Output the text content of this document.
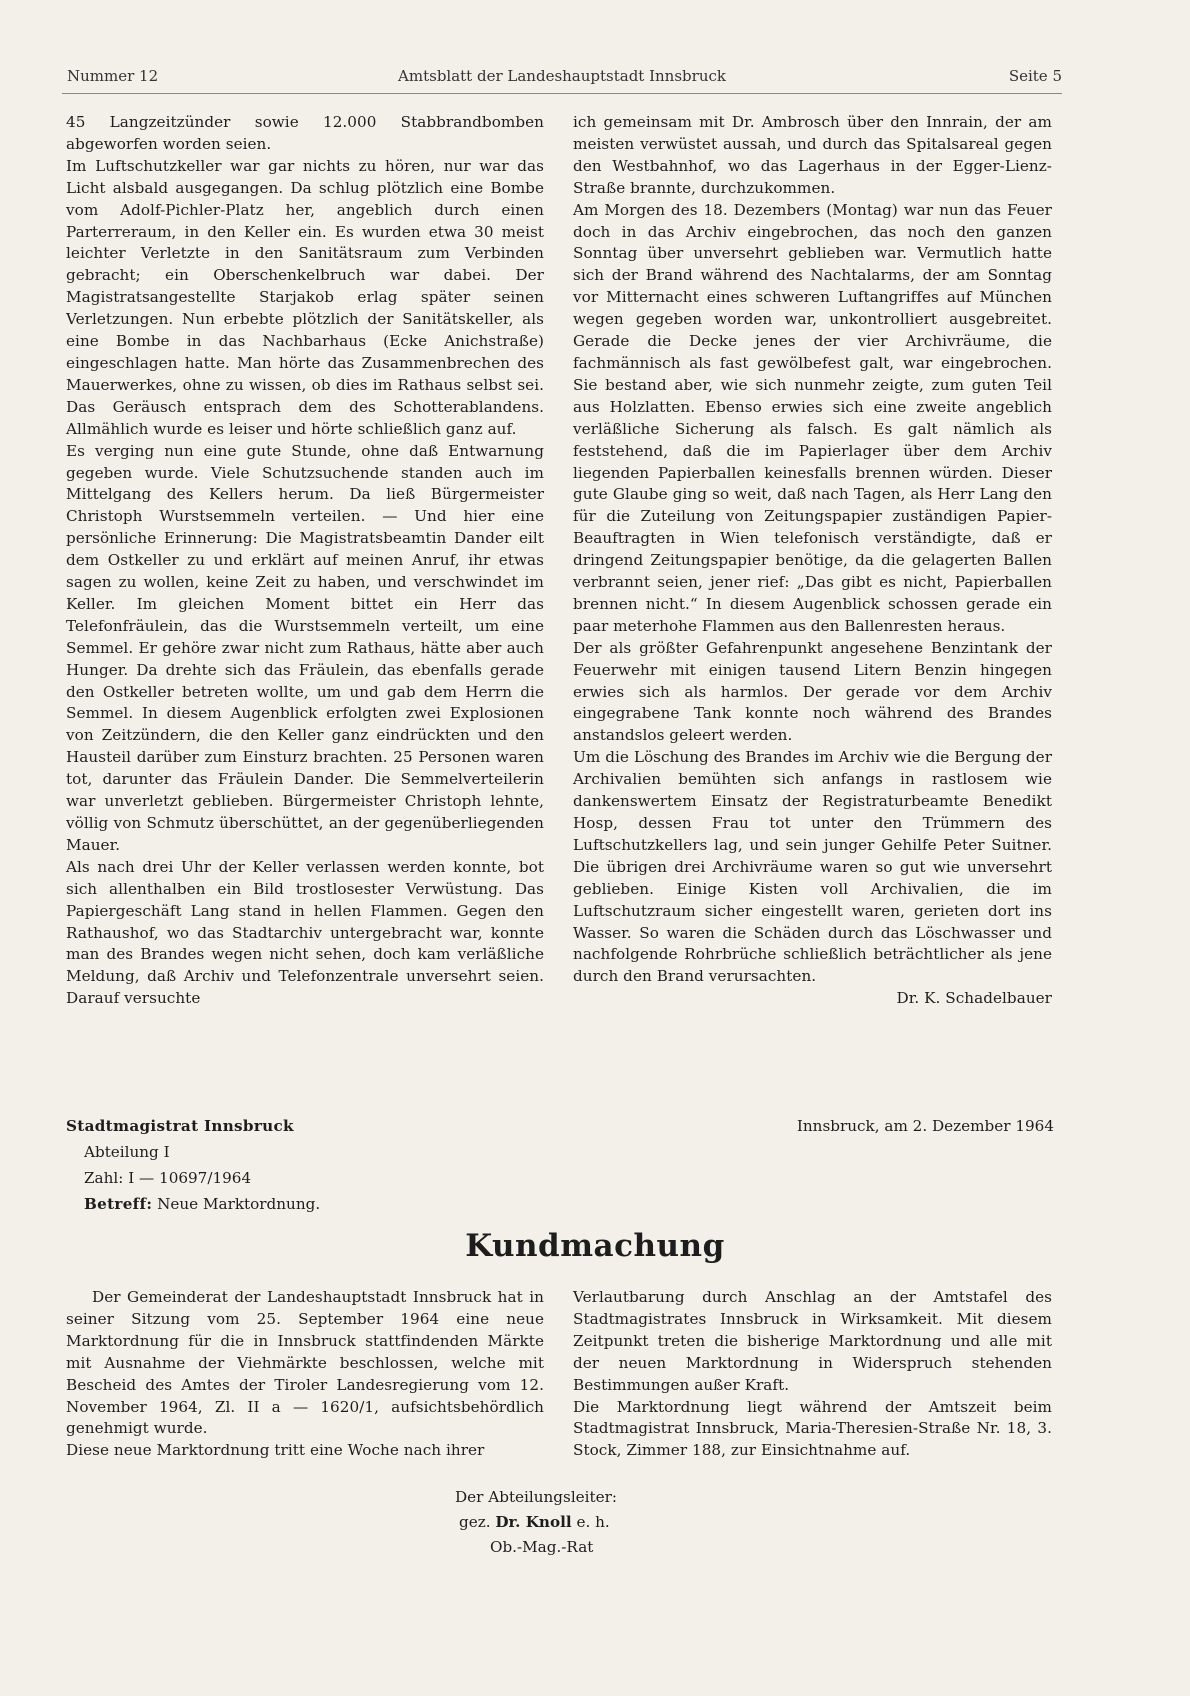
Nummer 12	Amtsblatt der Landeshauptstadt Innsbruck	Seite 5

45 Langzeitzünder sowie 12.000 Stabbrandbomben abgeworfen worden seien.

Im Luftschutzkeller war gar nichts zu hören, nur war das Licht alsbald ausgegangen. Da schlug plötzlich eine Bombe vom Adolf-Pichler-Platz her, angeblich durch einen Parterreraum, in den Keller ein. Es wurden etwa 30 meist leichter Verletzte in den Sanitätsraum zum Verbinden gebracht; ein Oberschenkelbruch war dabei. Der Magistratsangestellte Starjakob erlag später seinen Verletzungen. Nun erbebte plötzlich der Sanitätskeller, als eine Bombe in das Nachbarhaus (Ecke Anichstraße) eingeschlagen hatte. Man hörte das Zusammenbrechen des Mauerwerkes, ohne zu wissen, ob dies im Rathaus selbst sei. Das Geräusch entsprach dem des Schotterablandens. Allmählich wurde es leiser und hörte schließlich ganz auf.

Es verging nun eine gute Stunde, ohne daß Entwarnung gegeben wurde. Viele Schutzsuchende standen auch im Mittelgang des Kellers herum. Da ließ Bürgermeister Christoph Wurstsemmeln verteilen. — Und hier eine persönliche Erinnerung: Die Magistratsbeamtin Dander eilt dem Ostkeller zu und erklärt auf meinen Anruf, ihr etwas sagen zu wollen, keine Zeit zu haben, und verschwindet im Keller. Im gleichen Moment bittet ein Herr das Telefonfräulein, das die Wurstsemmeln verteilt, um eine Semmel. Er gehöre zwar nicht zum Rathaus, hätte aber auch Hunger. Da drehte sich das Fräulein, das ebenfalls gerade den Ostkeller betreten wollte, um und gab dem Herrn die Semmel. In diesem Augenblick erfolgten zwei Explosionen von Zeitzündern, die den Keller ganz eindrückten und den Hausteil darüber zum Einsturz brachten. 25 Personen waren tot, darunter das Fräulein Dander. Die Semmelverteilerin war unverletzt geblieben. Bürgermeister Christoph lehnte, völlig von Schmutz überschüttet, an der gegenüberliegenden Mauer.

Als nach drei Uhr der Keller verlassen werden konnte, bot sich allenthalben ein Bild trostlosester Verwüstung. Das Papiergeschäft Lang stand in hellen Flammen. Gegen den Rathaushof, wo das Stadtarchiv untergebracht war, konnte man des Brandes wegen nicht sehen, doch kam verläßliche Meldung, daß Archiv und Telefonzentrale unversehrt seien. Darauf versuchte

ich gemeinsam mit Dr. Ambrosch über den Innrain, der am meisten verwüstet aussah, und durch das Spitalsareal gegen den Westbahnhof, wo das Lagerhaus in der Egger-Lienz-Straße brannte, durchzukommen.

Am Morgen des 18. Dezembers (Montag) war nun das Feuer doch in das Archiv eingebrochen, das noch den ganzen Sonntag über unversehrt geblieben war. Vermutlich hatte sich der Brand während des Nachtalarms, der am Sonntag vor Mitternacht eines schweren Luftangriffes auf München wegen gegeben worden war, unkontrolliert ausgebreitet. Gerade die Decke jenes der vier Archivräume, die fachmännisch als fast gewölbefest galt, war eingebrochen. Sie bestand aber, wie sich nunmehr zeigte, zum guten Teil aus Holzlatten. Ebenso erwies sich eine zweite angeblich verläßliche Sicherung als falsch. Es galt nämlich als feststehend, daß die im Papierlager über dem Archiv liegenden Papierballen keinesfalls brennen würden. Dieser gute Glaube ging so weit, daß nach Tagen, als Herr Lang den für die Zuteilung von Zeitungspapier zuständigen Papier-Beauftragten in Wien telefonisch verständigte, daß er dringend Zeitungspapier benötige, da die gelagerten Ballen verbrannt seien, jener rief: „Das gibt es nicht, Papierballen brennen nicht.“ In diesem Augenblick schossen gerade ein paar meterhohe Flammen aus den Ballenresten heraus.

Der als größter Gefahrenpunkt angesehene Benzintank der Feuerwehr mit einigen tausend Litern Benzin hingegen erwies sich als harmlos. Der gerade vor dem Archiv eingegrabene Tank konnte noch während des Brandes anstandslos geleert werden.

Um die Löschung des Brandes im Archiv wie die Bergung der Archivalien bemühten sich anfangs in rastlosem wie dankenswertem Einsatz der Registraturbeamte Benedikt Hosp, dessen Frau tot unter den Trümmern des Luftschutzkellers lag, und sein junger Gehilfe Peter Suitner. Die übrigen drei Archivräume waren so gut wie unversehrt geblieben. Einige Kisten voll Archivalien, die im Luftschutzraum sicher eingestellt waren, gerieten dort ins Wasser. So waren die Schäden durch das Löschwasser und nachfolgende Rohrbrüche schließlich beträchtlicher als jene durch den Brand verursachten.

Dr. K. Schadelbauer

Stadtmagistrat Innsbruck
Abteilung I
Zahl: I — 10697/1964
Betreff: Neue Marktordnung.
Innsbruck, am 2. Dezember 1964
Kundmachung

Der Gemeinderat der Landeshauptstadt Innsbruck hat in seiner Sitzung vom 25. September 1964 eine neue Marktordnung für die in Innsbruck stattfindenden Märkte mit Ausnahme der Viehmärkte beschlossen, welche mit Bescheid des Amtes der Tiroler Landesregierung vom 12. November 1964, Zl. II a — 1620/1, aufsichtsbehördlich genehmigt wurde.

Diese neue Marktordnung tritt eine Woche nach ihrer

Verlautbarung durch Anschlag an der Amtstafel des Stadtmagistrates Innsbruck in Wirksamkeit. Mit diesem Zeitpunkt treten die bisherige Marktordnung und alle mit der neuen Marktordnung in Widerspruch stehenden Bestimmungen außer Kraft.

Die Marktordnung liegt während der Amtszeit beim Stadtmagistrat Innsbruck, Maria-Theresien-Straße Nr. 18, 3. Stock, Zimmer 188, zur Einsichtnahme auf.

Der Abteilungsleiter:
gez. Dr. Knoll e. h.
Ob.-Mag.-Rat
